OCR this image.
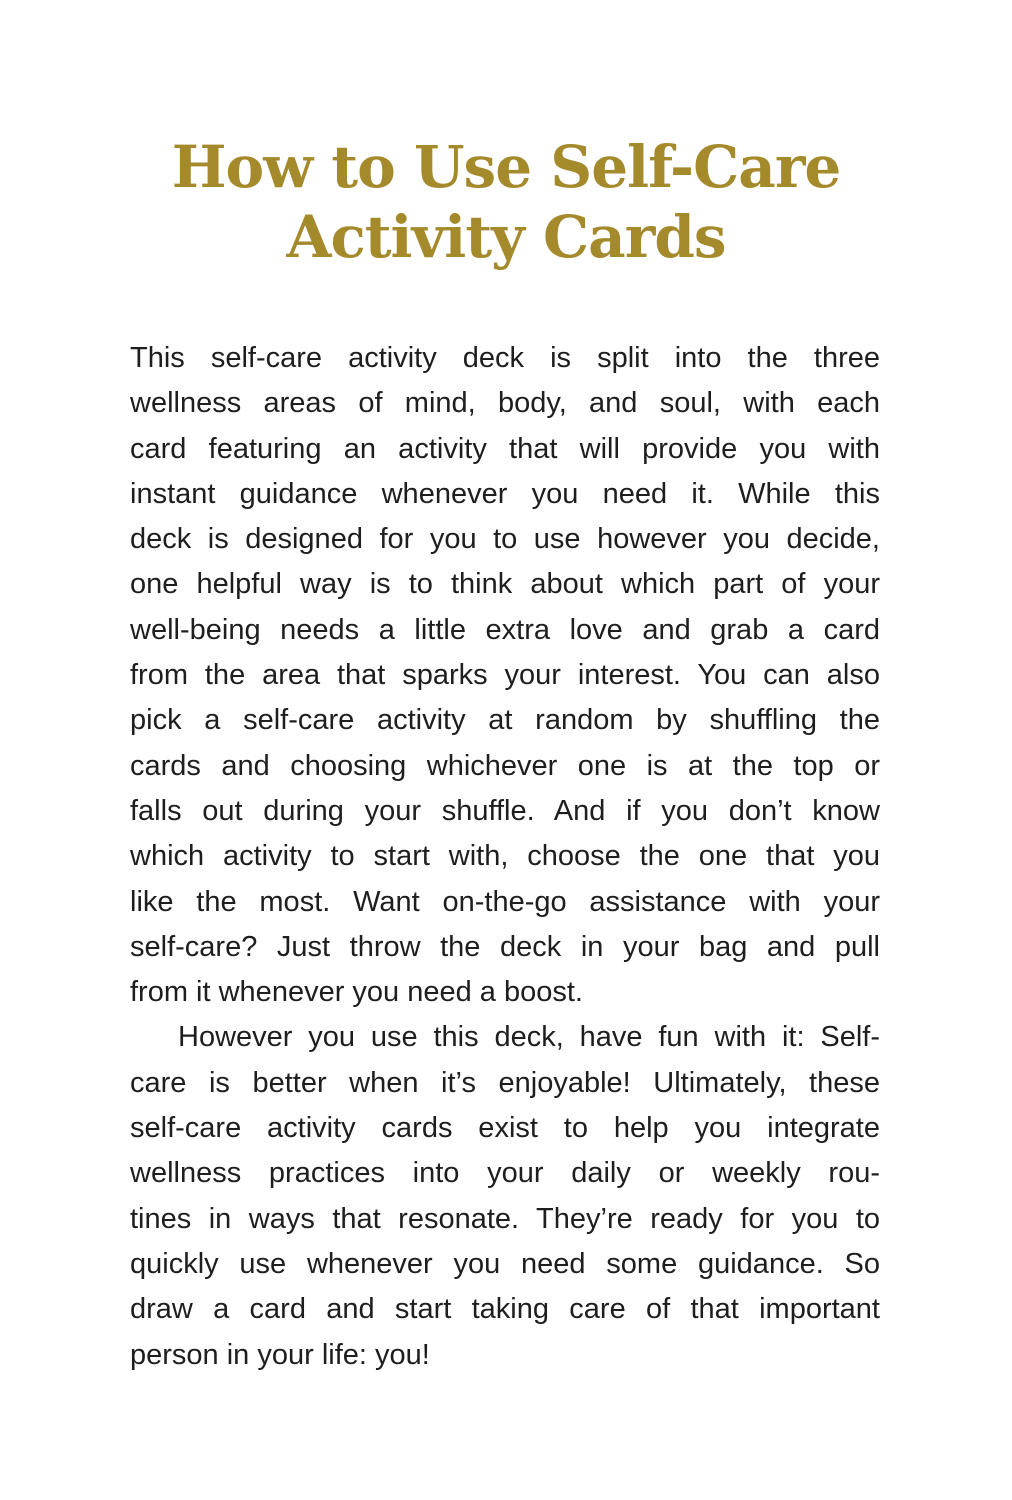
How to Use Self-Care
Activity Cards
This self-care activity deck is split into the three
wellness areas of mind, body, and soul, with each
card featuring an activity that will provide you with
instant guidance whenever you need it. While this
deck is designed for you to use however you decide,
one helpful way is to think about which part of your
well-being needs a little extra love and grab a card
from the area that sparks your interest. You can also
pick a self-care activity at random by shuffling the
cards and choosing whichever one is at the top or
falls out during your shuffle. And if you don’t know
which activity to start with, choose the one that you
like the most. Want on-the-go assistance with your
self-care? Just throw the deck in your bag and pull
from it whenever you need a boost.
However you use this deck, have fun with it: Self-
care is better when it’s enjoyable! Ultimately, these
self-care activity cards exist to help you integrate
wellness practices into your daily or weekly rou-
tines in ways that resonate. They’re ready for you to
quickly use whenever you need some guidance. So
draw a card and start taking care of that important
person in your life: you!
